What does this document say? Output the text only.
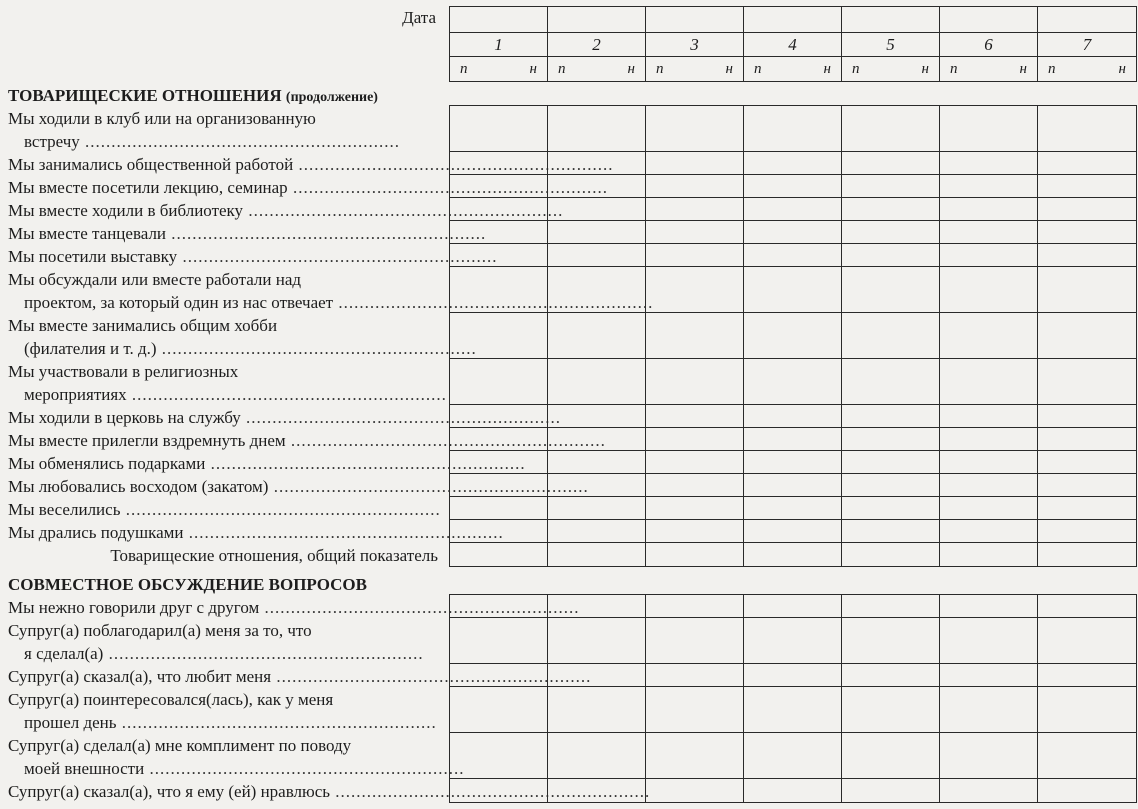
Дата
1	2	3	4	5	6	7
п	н п	н п	н п	н п	н п	н п	н
ТОВАРИЩЕСКИЕ ОТНОШЕНИЯ (продолжение)
Мы ходили в клуб или на организованную
встречу ............................................................
Мы занимались общественной работой ............................................................
Мы вместе посетили лекцию, семинар ............................................................
Мы вместе ходили в библиотеку ............................................................
Мы вместе танцевали ............................................................
Мы посетили выставку ............................................................
Мы обсуждали или вместе работали над
проектом, за который один из нас отвечает ............................................................
Мы вместе занимались общим хобби
(филателия и т. д.) ............................................................
Мы участвовали в религиозных
мероприятиях ............................................................
Мы ходили в церковь на службу ............................................................
Мы вместе прилегли вздремнуть днем ............................................................
Мы обменялись подарками ............................................................
Мы любовались восходом (закатом) ............................................................
Мы веселились ............................................................
Мы дрались подушками ............................................................
Товарищеские отношения, общий показатель
СОВМЕСТНОЕ ОБСУЖДЕНИЕ ВОПРОСОВ
Мы нежно говорили друг с другом ............................................................
Супруг(а) поблагодарил(а) меня за то, что
я сделал(а) ............................................................
Супруг(а) сказал(а), что любит меня ............................................................
Супруг(а) поинтересовался(лась), как у меня
прошел день ............................................................
Супруг(а) сделал(а) мне комплимент по поводу
моей внешности ............................................................
Супруг(а) сказал(а), что я ему (ей) нравлюсь ............................................................
